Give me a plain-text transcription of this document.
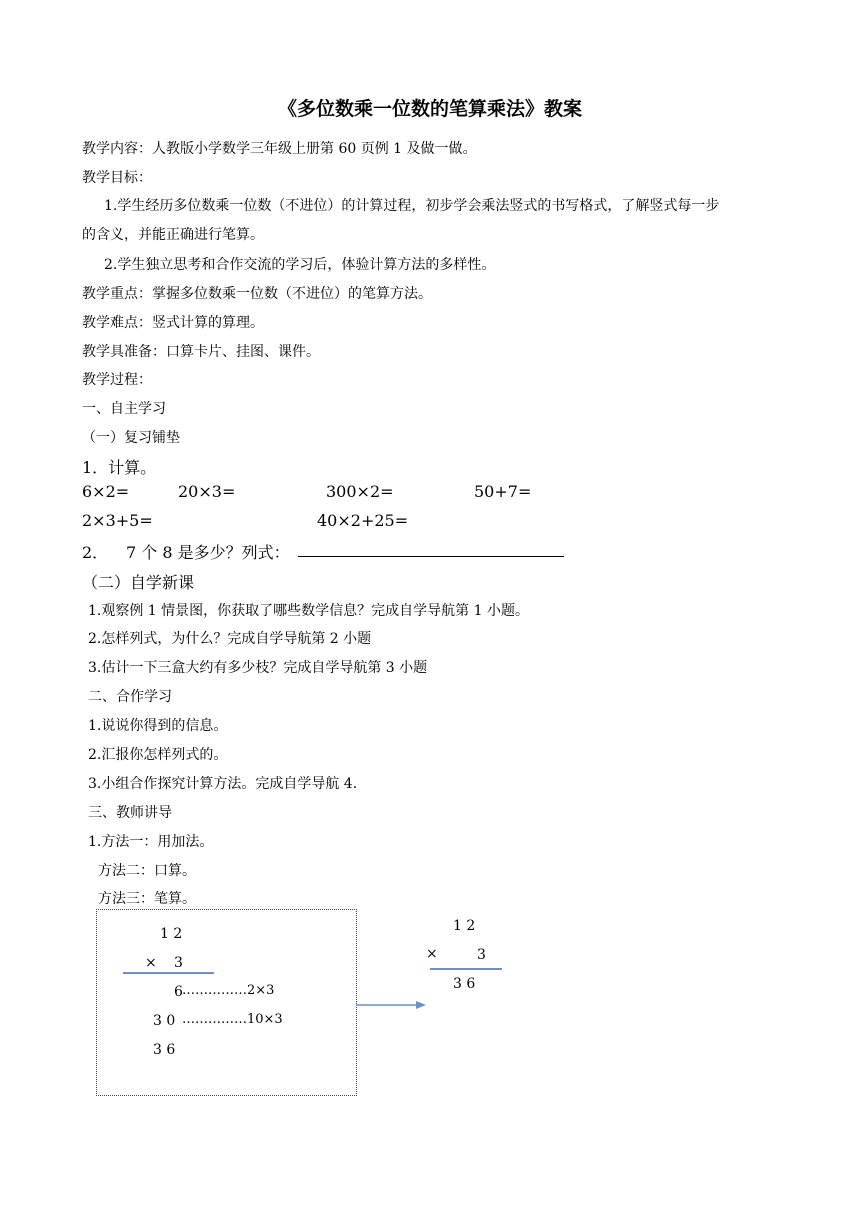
《多位数乘一位数的笔算乘法》教案
教学内容：人教版小学数学三年级上册第 60 页例 1 及做一做。
教学目标：
1.学生经历多位数乘一位数（不进位）的计算过程，初步学会乘法竖式的书写格式，了解竖式每一步
的含义，并能正确进行笔算。
2.学生独立思考和合作交流的学习后，体验计算方法的多样性。
教学重点：掌握多位数乘一位数（不进位）的笔算方法。
教学难点：竖式计算的算理。
教学具准备：口算卡片、挂图、课件。
教学过程：
一、自主学习
（一）复习铺垫
1．计算。
6×2=	20×3=	300×2=	50+7=
2×3+5=	40×2+25=
2． 7 个 8 是多少？列式：
（二）自学新课
1.观察例 1 情景图，你获取了哪些数学信息？完成自学导航第 1 小题。
2.怎样列式，为什么？完成自学导航第 2 小题
3.估计一下三盒大约有多少枝？完成自学导航第 3 小题
二、合作学习
1.说说你得到的信息。
2.汇报你怎样列式的。
3.小组合作探究计算方法。完成自学导航 4.
三、教师讲导
1.方法一：用加法。
方法二：口算。
方法三：笔算。
1 2
× 3
6 ……………2×3
3 0 ……………10×3
3 6
1 2
×	3
3 6
